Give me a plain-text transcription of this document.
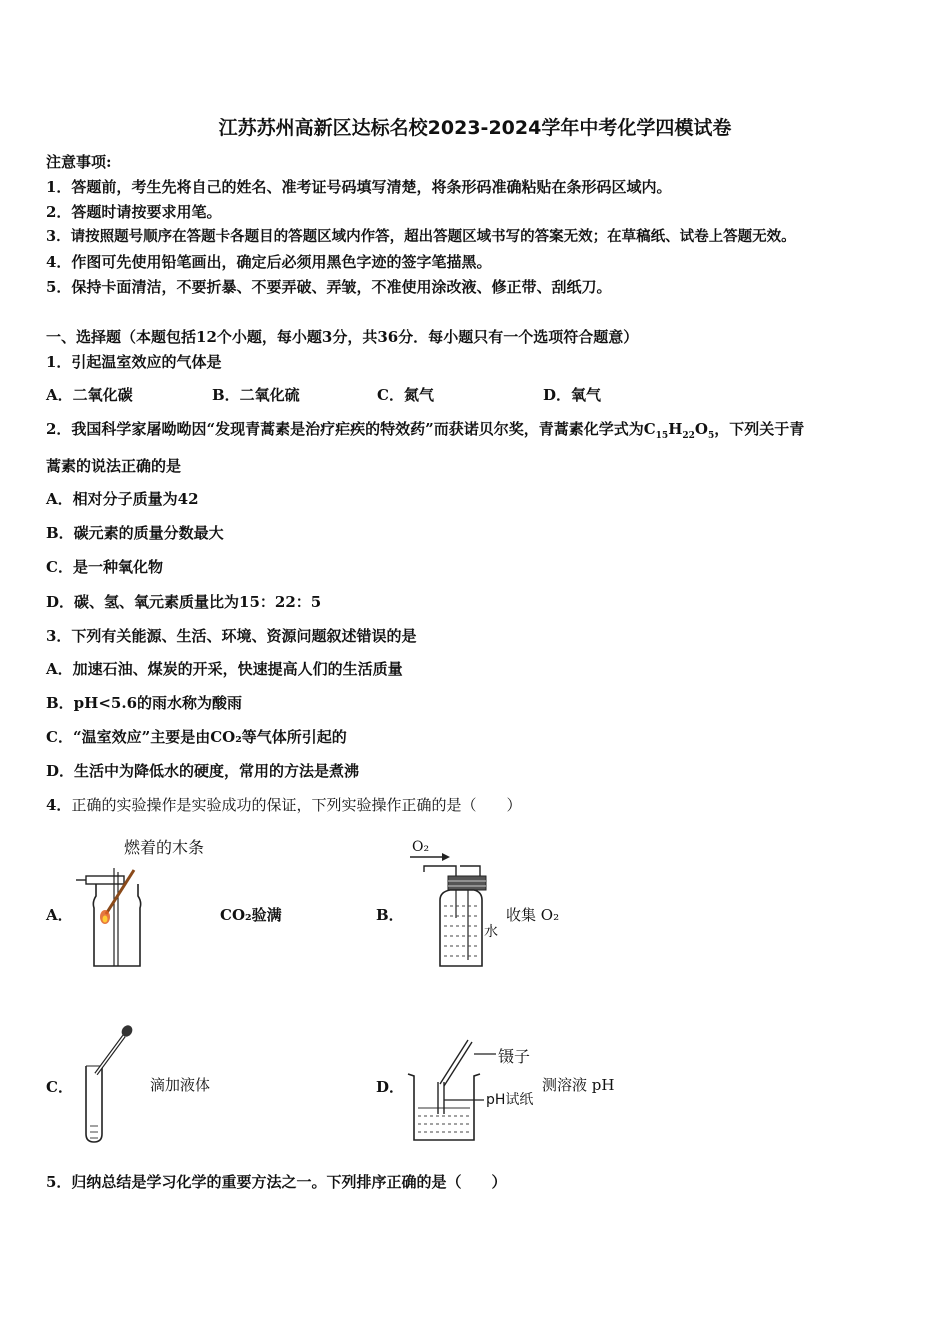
江苏苏州高新区达标名校2023-2024学年中考化学四模试卷
注意事项:
1．答题前，考生先将自己的姓名、准考证号码填写清楚，将条形码准确粘贴在条形码区域内。
2．答题时请按要求用笔。
3．请按照题号顺序在答题卡各题目的答题区域内作答，超出答题区域书写的答案无效；在草稿纸、试卷上答题无效。
4．作图可先使用铅笔画出，确定后必须用黑色字迹的签字笔描黑。
5．保持卡面清洁，不要折暴、不要弄破、弄皱，不准使用涂改液、修正带、刮纸刀。
一、选择题（本题包括12个小题，每小题3分，共36分．每小题只有一个选项符合题意）
1．引起温室效应的气体是
A．二氧化碳	B．二氧化硫	C．氮气	D．氧气
2．我国科学家屠呦呦因“发现青蒿素是治疗疟疾的特效药”而获诺贝尔奖，青蒿素化学式为$C_{15}H_{22}O_5$，下列关于青
蒿素的说法正确的是
A．相对分子质量为42
B．碳元素的质量分数最大
C．是一种氧化物
D．碳、氢、氧元素质量比为15：22：5
3．下列有关能源、生活、环境、资源问题叙述错误的是
A．加速石油、煤炭的开采，快速提高人们的生活质量
B．pH<5.6的雨水称为酸雨
C．“温室效应”主要是由CO₂等气体所引起的
D．生活中为降低水的硬度，常用的方法是煮沸
4．正确的实验操作是实验成功的保证，下列实验操作正确的是（　　）
A．
燃着的木条
CO₂验满	B．
O₂
水
收集 O₂
C．	滴加液体	D．
镊子
pH试纸
测溶液 pH
5．归纳总结是学习化学的重要方法之一。下列排序正确的是（　　）
